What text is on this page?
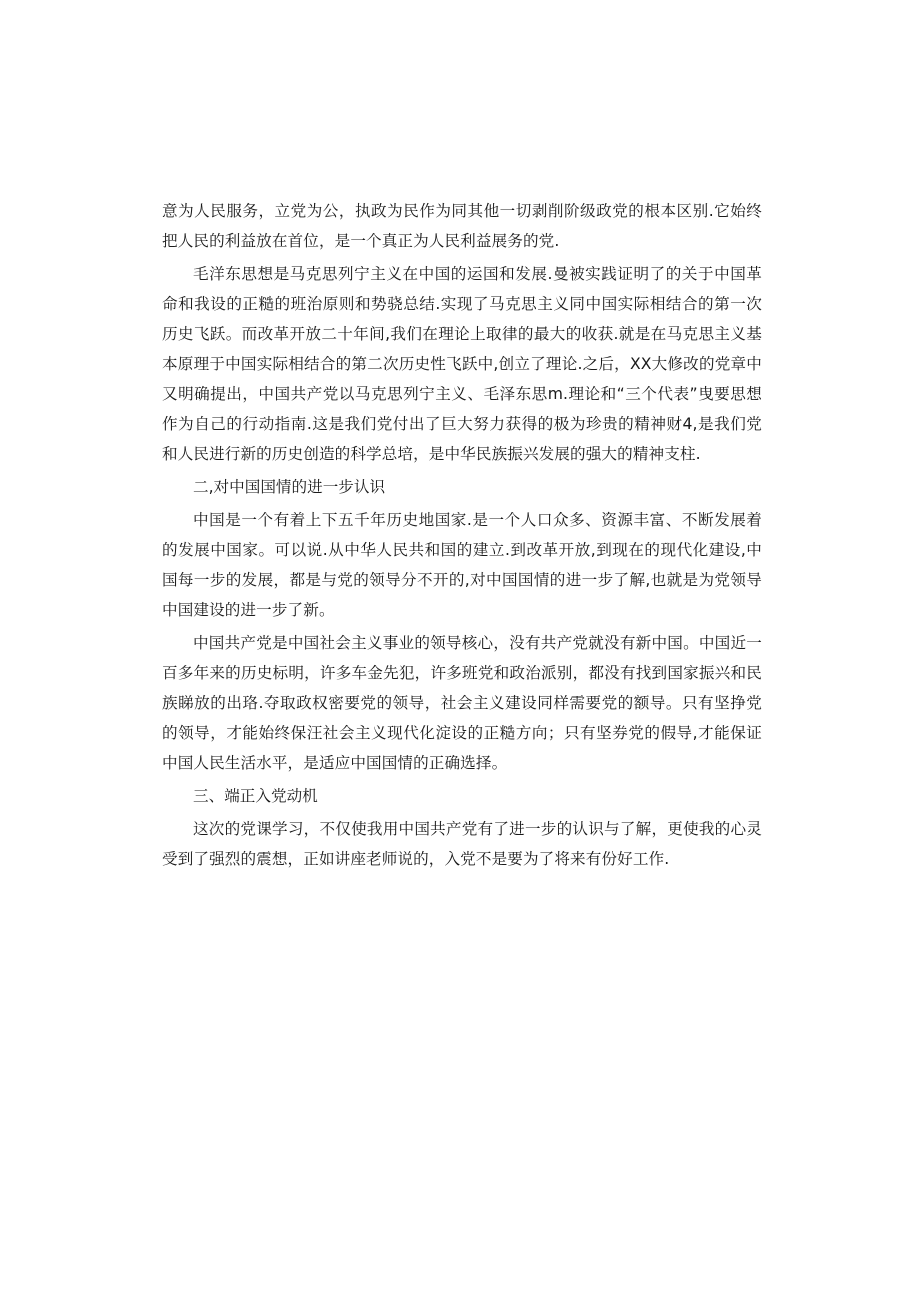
意为人民服务，立党为公，执政为民作为同其他一切剥削阶级政党的根本区别.它始终把人民的利益放在首位，是一个真正为人民利益展务的党.

毛洋东思想是马克思列宁主义在中国的运国和发展.曼被实践证明了的关于中国革命和我设的正糙的班治原则和势骁总结.实现了马克思主义同中国实际相结合的第一次历史飞跃。而改革开放二十年间,我们在理论上取律的最大的收获.就是在马克思主义基本原理于中国实际相结合的第二次历史性飞跃中,创立了理论.之后，XX大修改的党章中又明确提出，中国共产党以马克思列宁主义、毛泽东思m.理论和“三个代表”曳要思想作为自己的行动指南.这是我们党付出了巨大努力获得的极为珍贵的精神财4,是我们党和人民进行新的历史创造的科学总培，是中华民族振兴发展的强大的精神支柱.

二,对中国国情的进一步认识

中国是一个有着上下五千年历史地国家.是一个人口众多、资源丰富、不断发展着的发展中国家。可以说.从中华人民共和国的建立.到改革开放,到现在的现代化建设,中国每一步的发展，都是与党的领导分不开的,对中国国情的进一步了解,也就是为党领导中国建设的进一步了新。

中国共产党是中国社会主义事业的领导核心，没有共产党就没有新中国。中国近一百多年来的历史标明，许多车金先犯，许多班党和政治派别，都没有找到国家振兴和民族睇放的出珞.夺取政权密要党的领导，社会主义建设同样需要党的额导。只有坚挣党的领导，才能始终保汪社会主义现代化淀设的正糙方向；只有坚券党的假导,才能保证中国人民生活水平，是适应中国国情的正确选择。

三、端正入党动机

这次的党课学习，不仅使我用中国共产党有了进一步的认识与了解，更使我的心灵受到了强烈的震想，正如讲座老师说的，入党不是要为了将来有份好工作.
